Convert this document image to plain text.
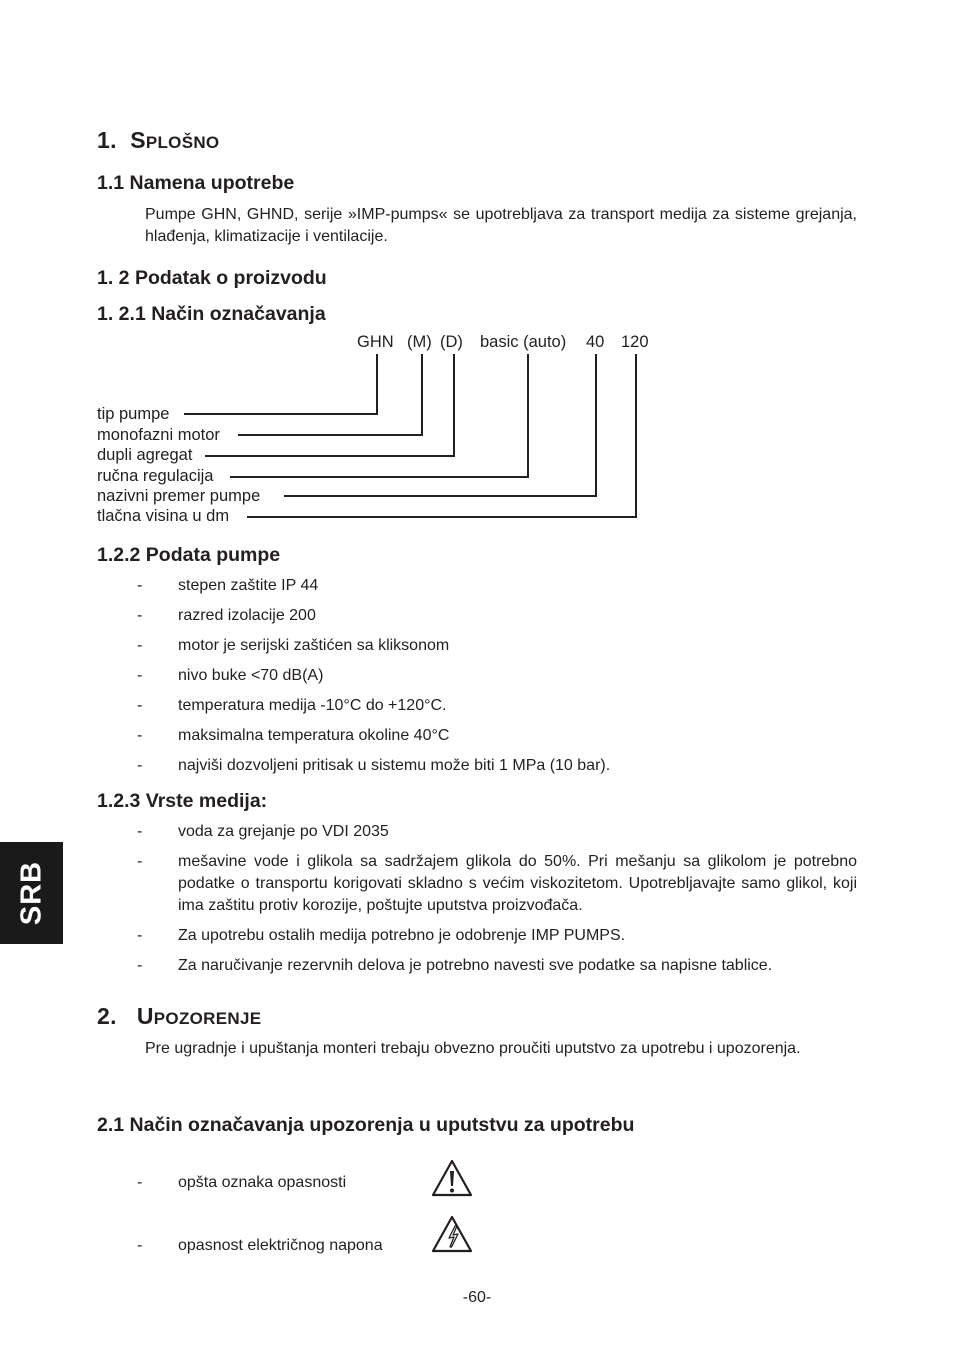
1. SPLOŠNO
1.1 Namena upotrebe
Pumpe GHN, GHND, serije »IMP-pumps« se upotrebljava za transport medija za sisteme grejanja, hlađenja, klimatizacije i ventilacije.
1. 2 Podatak o proizvodu
1. 2.1 Način označavanja
GHN (M) (D) basic (auto) 40 120
tip pumpe
monofazni motor
dupli agregat
ručna regulacija
nazivni premer pumpe
tlačna visina u dm
1.2.2 Podata pumpe
- stepen zaštite IP 44
- razred izolacije 200
- motor je serijski zaštićen sa kliksonom
- nivo buke <70 dB(A)
- temperatura medija -10°C do +120°C.
- maksimalna temperatura okoline 40°C
- najviši dozvoljeni pritisak u sistemu može biti 1 MPa (10 bar).
1.2.3 Vrste medija:
- voda za grejanje po VDI 2035
- mešavine vode i glikola sa sadržajem glikola do 50%. Pri mešanju sa glikolom je potrebno podatke o transportu korigovati skladno s većim viskozitetom. Upotrebljavajte samo glikol, koji ima zaštitu protiv korozije, poštujte uputstva proizvođača.
- Za upotrebu ostalih medija potrebno je odobrenje IMP PUMPS.
- Za naručivanje rezervnih delova je potrebno navesti sve podatke sa napisne tablice.
SRB
2. UPOZORENJE
Pre ugradnje i upuštanja monteri trebaju obvezno proučiti uputstvo za upotrebu i upozorenja.
2.1 Način označavanja upozorenja u uputstvu za upotrebu
- opšta oznaka opasnosti
- opasnost električnog napona
-60-
